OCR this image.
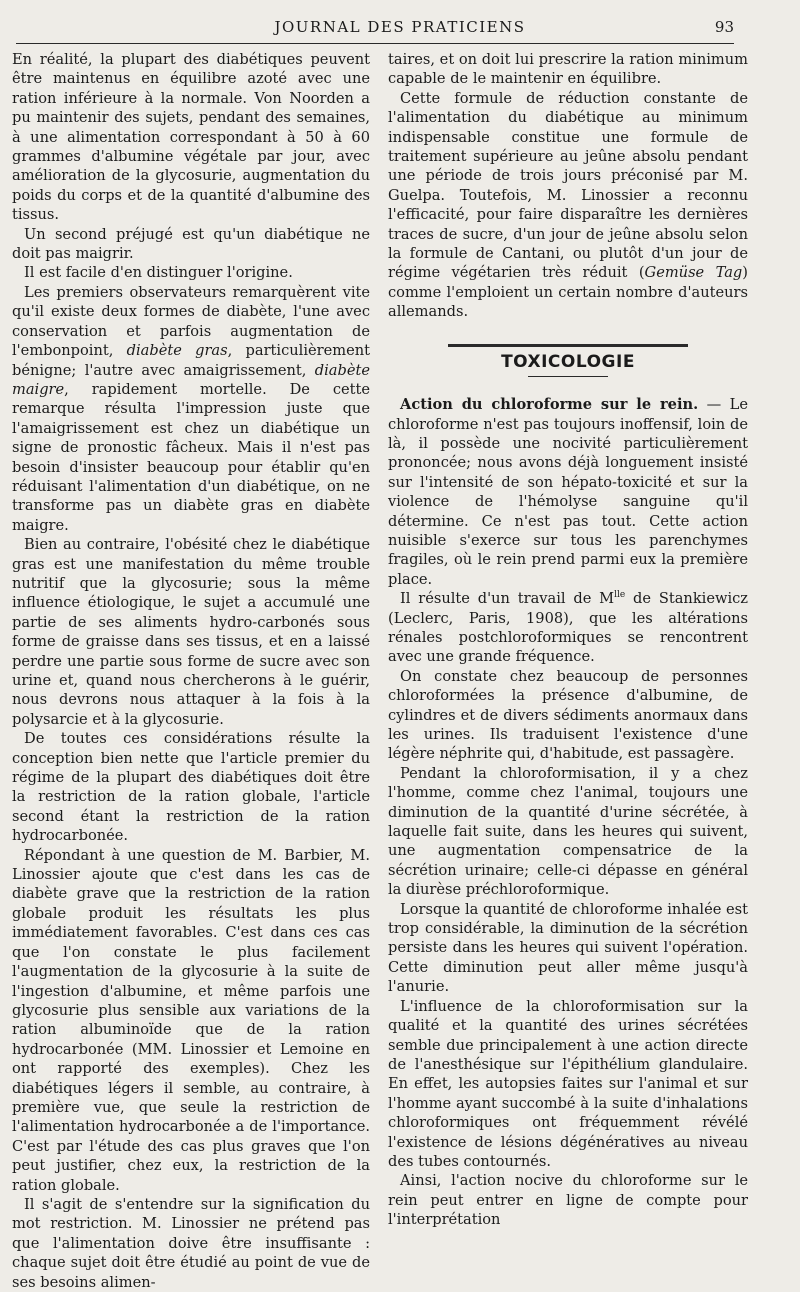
JOURNAL DES PRATICIENS	93

En réalité, la plupart des diabétiques peuvent être maintenus en équilibre azoté avec une ration inférieure à la normale. Von Noorden a pu maintenir des sujets, pendant des semaines, à une alimentation correspondant à 50 à 60 grammes d'albumine végétale par jour, avec amélioration de la glycosurie, augmentation du poids du corps et de la quantité d'albumine des tissus.

Un second préjugé est qu'un diabétique ne doit pas maigrir.

Il est facile d'en distinguer l'origine.

Les premiers observateurs remarquèrent vite qu'il existe deux formes de diabète, l'une avec conservation et parfois augmentation de l'embonpoint, diabète gras, particulièrement bénigne; l'autre avec amaigrissement, diabète maigre, rapidement mortelle. De cette remarque résulta l'impression juste que l'amaigrissement est chez un diabétique un signe de pronostic fâcheux. Mais il n'est pas besoin d'insister beaucoup pour établir qu'en réduisant l'alimentation d'un diabétique, on ne transforme pas un diabète gras en diabète maigre.

Bien au contraire, l'obésité chez le diabétique gras est une manifestation du même trouble nutritif que la glycosurie; sous la même influence étiologique, le sujet a accumulé une partie de ses aliments hydro-carbonés sous forme de graisse dans ses tissus, et en a laissé perdre une partie sous forme de sucre avec son urine et, quand nous chercherons à le guérir, nous devrons nous attaquer à la fois à la polysarcie et à la glycosurie.

De toutes ces considérations résulte la conception bien nette que l'article premier du régime de la plupart des diabétiques doit être la restriction de la ration globale, l'article second étant la restriction de la ration hydrocarbonée.

Répondant à une question de M. Barbier, M. Linossier ajoute que c'est dans les cas de diabète grave que la restriction de la ration globale produit les résultats les plus immédiatement favorables. C'est dans ces cas que l'on constate le plus facilement l'augmentation de la glycosurie à la suite de l'ingestion d'albumine, et même parfois une glycosurie plus sensible aux variations de la ration albuminoïde que de la ration hydrocarbonée (MM. Linossier et Lemoine en ont rapporté des exemples). Chez les diabétiques légers il semble, au contraire, à première vue, que seule la restriction de l'alimentation hydrocarbonée a de l'importance. C'est par l'étude des cas plus graves que l'on peut justifier, chez eux, la restriction de la ration globale.

Il s'agit de s'entendre sur la signification du mot restriction. M. Linossier ne prétend pas que l'alimentation doive être insuffisante : chaque sujet doit être étudié au point de vue de ses besoins alimen-

taires, et on doit lui prescrire la ration minimum capable de le maintenir en équilibre.

Cette formule de réduction constante de l'alimentation du diabétique au minimum indispensable constitue une formule de traitement supérieure au jeûne absolu pendant une période de trois jours préconisé par M. Guelpa. Toutefois, M. Linossier a reconnu l'efficacité, pour faire disparaître les dernières traces de sucre, d'un jour de jeûne absolu selon la formule de Cantani, ou plutôt d'un jour de régime végétarien très réduit (Gemüse Tag) comme l'emploient un certain nombre d'auteurs allemands.

TOXICOLOGIE

Action du chloroforme sur le rein. — Le chloroforme n'est pas toujours inoffensif, loin de là, il possède une nocivité particulièrement prononcée; nous avons déjà longuement insisté sur l'intensité de son hépato-toxicité et sur la violence de l'hémolyse sanguine qu'il détermine. Ce n'est pas tout. Cette action nuisible s'exerce sur tous les parenchymes fragiles, où le rein prend parmi eux la première place.

Il résulte d'un travail de $M^{lle}$ de Stankiewicz (Leclerc, Paris, 1908), que les altérations rénales postchloroformiques se rencontrent avec une grande fréquence.

On constate chez beaucoup de personnes chloroformées la présence d'albumine, de cylindres et de divers sédiments anormaux dans les urines. Ils traduisent l'existence d'une légère néphrite qui, d'habitude, est passagère.

Pendant la chloroformisation, il y a chez l'homme, comme chez l'animal, toujours une diminution de la quantité d'urine sécrétée, à laquelle fait suite, dans les heures qui suivent, une augmentation compensatrice de la sécrétion urinaire; celle-ci dépasse en général la diurèse préchloroformique.

Lorsque la quantité de chloroforme inhalée est trop considérable, la diminution de la sécrétion persiste dans les heures qui suivent l'opération. Cette diminution peut aller même jusqu'à l'anurie.

L'influence de la chloroformisation sur la qualité et la quantité des urines sécrétées semble due principalement à une action directe de l'anesthésique sur l'épithélium glandulaire. En effet, les autopsies faites sur l'animal et sur l'homme ayant succombé à la suite d'inhalations chloroformiques ont fréquemment révélé l'existence de lésions dégénératives au niveau des tubes contournés.

Ainsi, l'action nocive du chloroforme sur le rein peut entrer en ligne de compte pour l'interprétation
